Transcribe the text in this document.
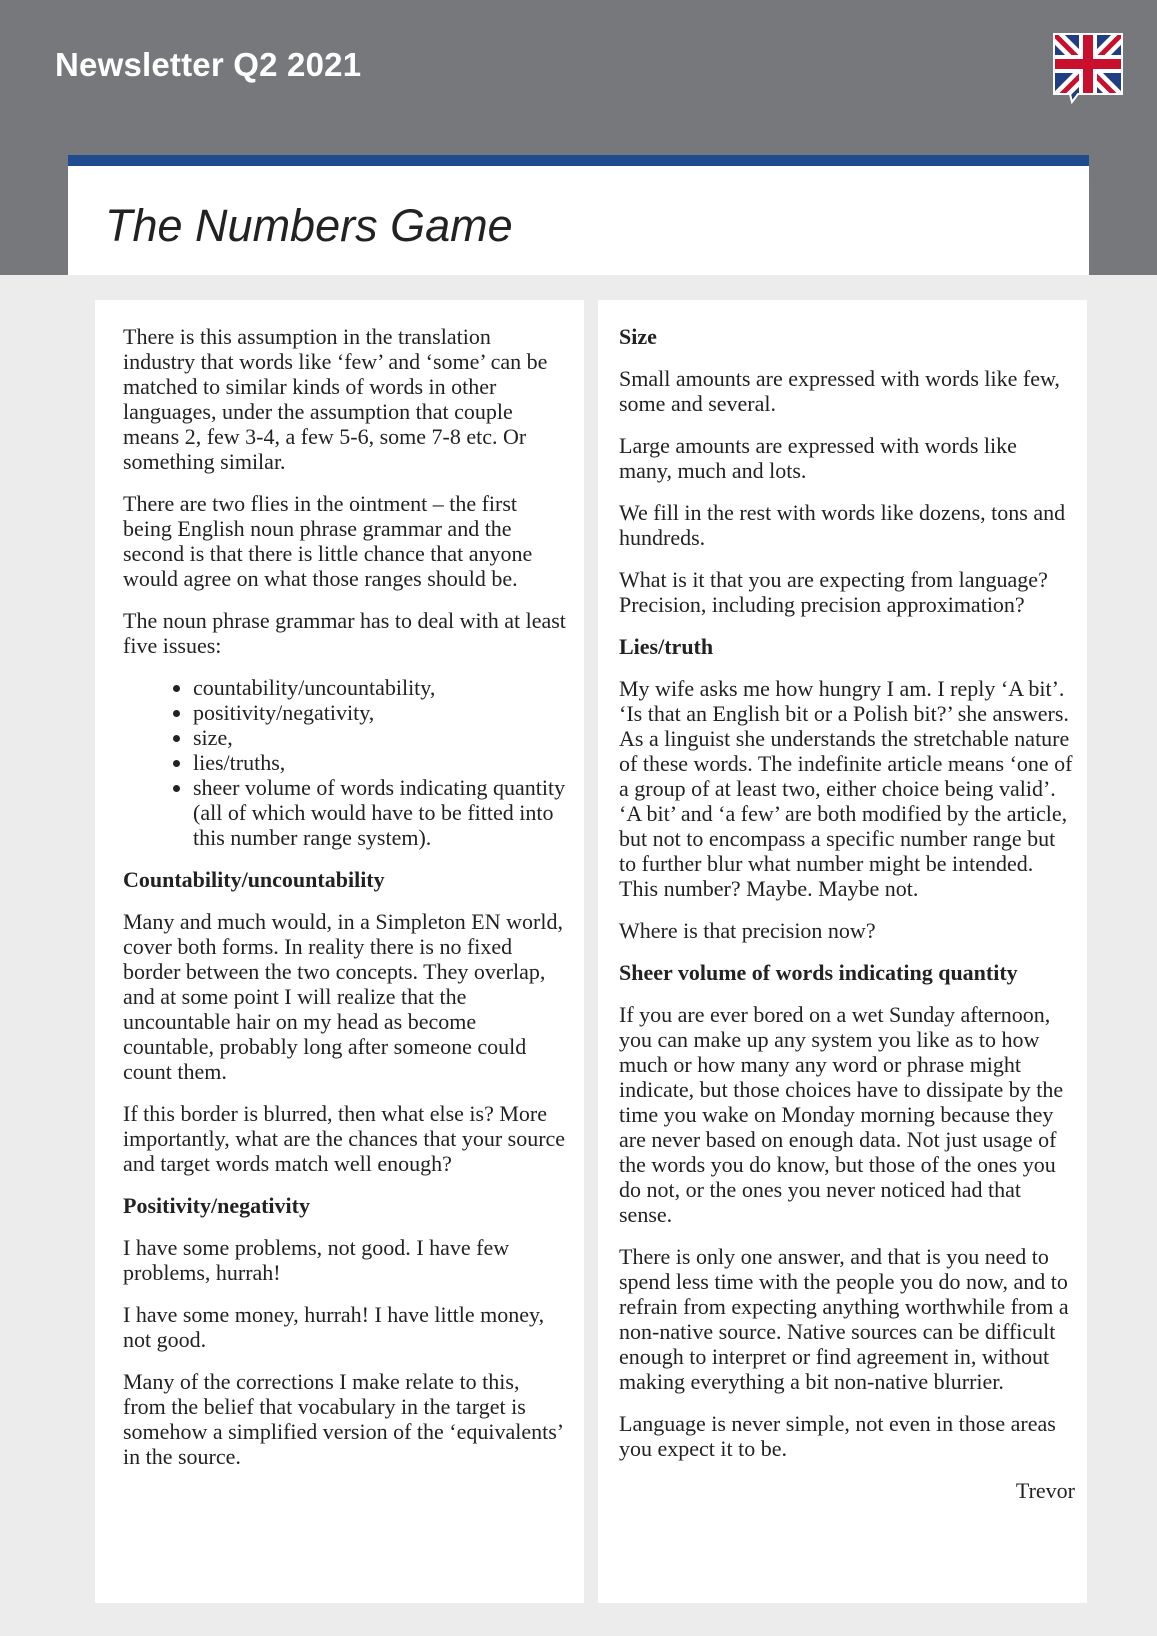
Newsletter Q2 2021
The Numbers Game

There is this assumption in the translation industry that words like ‘few’ and ‘some’ can be matched to similar kinds of words in other languages, under the assumption that couple means 2, few 3-4, a few 5-6, some 7-8 etc. Or something similar.

There are two flies in the ointment – the first being English noun phrase grammar and the second is that there is little chance that anyone would agree on what those ranges should be.

The noun phrase grammar has to deal with at least five issues:

• countability/uncountability,
• positivity/negativity,
• size,
• lies/truths,
• sheer volume of words indicating quantity (all of which would have to be fitted into this number range system).
Countability/uncountability

Many and much would, in a Simpleton EN world, cover both forms. In reality there is no fixed border between the two concepts. They overlap, and at some point I will realize that the uncountable hair on my head as become countable, probably long after someone could count them.

If this border is blurred, then what else is? More importantly, what are the chances that your source and target words match well enough?

Positivity/negativity

I have some problems, not good. I have few problems, hurrah!

I have some money, hurrah! I have little money, not good.

Many of the corrections I make relate to this, from the belief that vocabulary in the target is somehow a simplified version of the ‘equivalents’ in the source.

Size

Small amounts are expressed with words like few, some and several.

Large amounts are expressed with words like many, much and lots.

We fill in the rest with words like dozens, tons and hundreds.

What is it that you are expecting from language? Precision, including precision approximation?

Lies/truth

My wife asks me how hungry I am. I reply ‘A bit’. ‘Is that an English bit or a Polish bit?’ she answers. As a linguist she understands the stretchable nature of these words. The indefinite article means ‘one of a group of at least two, either choice being valid’. ‘A bit’ and ‘a few’ are both modified by the article, but not to encompass a specific number range but to further blur what number might be intended. This number? Maybe. Maybe not.

Where is that precision now?

Sheer volume of words indicating quantity

If you are ever bored on a wet Sunday afternoon, you can make up any system you like as to how much or how many any word or phrase might indicate, but those choices have to dissipate by the time you wake on Monday morning because they are never based on enough data. Not just usage of the words you do know, but those of the ones you do not, or the ones you never noticed had that sense.

There is only one answer, and that is you need to spend less time with the people you do now, and to refrain from expecting anything worthwhile from a non-native source. Native sources can be difficult enough to interpret or find agreement in, without making everything a bit non-native blurrier.

Language is never simple, not even in those areas you expect it to be.

Trevor
